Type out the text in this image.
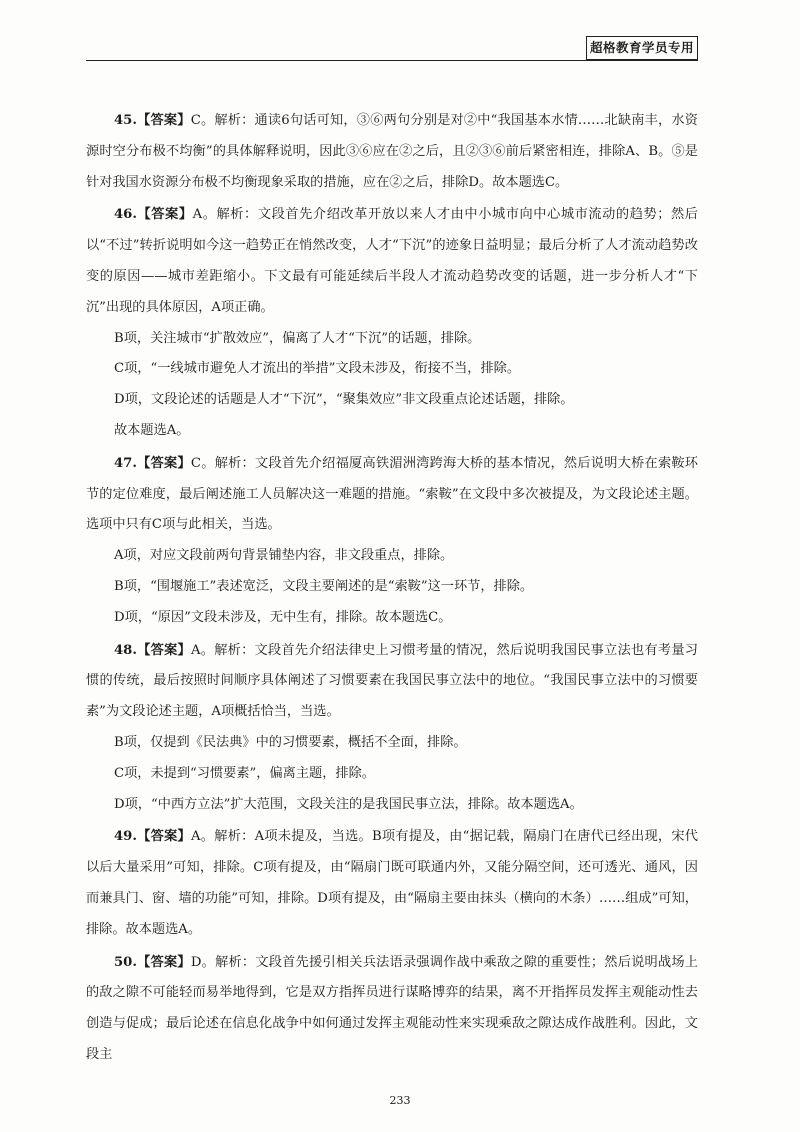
超格教育学员专用

45.【答案】C。解析：通读6句话可知，③⑥两句分别是对②中“我国基本水情……北缺南丰，水资源时空分布极不均衡”的具体解释说明，因此③⑥应在②之后，且②③⑥前后紧密相连，排除A、B。⑤是针对我国水资源分布极不均衡现象采取的措施，应在②之后，排除D。故本题选C。

46.【答案】A。解析：文段首先介绍改革开放以来人才由中小城市向中心城市流动的趋势；然后以“不过”转折说明如今这一趋势正在悄然改变，人才“下沉”的迹象日益明显；最后分析了人才流动趋势改变的原因——城市差距缩小。下文最有可能延续后半段人才流动趋势改变的话题，进一步分析人才“下沉”出现的具体原因，A项正确。

B项，关注城市“扩散效应”，偏离了人才“下沉”的话题，排除。

C项，“一线城市避免人才流出的举措”文段未涉及，衔接不当，排除。

D项，文段论述的话题是人才“下沉”，“聚集效应”非文段重点论述话题，排除。

故本题选A。

47.【答案】C。解析：文段首先介绍福厦高铁湄洲湾跨海大桥的基本情况，然后说明大桥在索鞍环节的定位难度，最后阐述施工人员解决这一难题的措施。“索鞍”在文段中多次被提及，为文段论述主题。选项中只有C项与此相关，当选。

A项，对应文段前两句背景铺垫内容，非文段重点，排除。

B项，“围堰施工”表述宽泛，文段主要阐述的是“索鞍”这一环节，排除。

D项，“原因”文段未涉及，无中生有，排除。故本题选C。

48.【答案】A。解析：文段首先介绍法律史上习惯考量的情况，然后说明我国民事立法也有考量习惯的传统，最后按照时间顺序具体阐述了习惯要素在我国民事立法中的地位。“我国民事立法中的习惯要素”为文段论述主题，A项概括恰当，当选。

B项，仅提到《民法典》中的习惯要素，概括不全面，排除。

C项，未提到“习惯要素”，偏离主题，排除。

D项，“中西方立法”扩大范围，文段关注的是我国民事立法，排除。故本题选A。

49.【答案】A。解析：A项未提及，当选。B项有提及，由“据记载，隔扇门在唐代已经出现，宋代以后大量采用”可知，排除。C项有提及，由“隔扇门既可联通内外，又能分隔空间，还可透光、通风，因而兼具门、窗、墙的功能”可知，排除。D项有提及，由“隔扇主要由抹头（横向的木条）……组成”可知，排除。故本题选A。

50.【答案】D。解析：文段首先援引相关兵法语录强调作战中乘敌之隙的重要性；然后说明战场上的敌之隙不可能轻而易举地得到，它是双方指挥员进行谋略博弈的结果，离不开指挥员发挥主观能动性去创造与促成；最后论述在信息化战争中如何通过发挥主观能动性来实现乘敌之隙达成作战胜利。因此，文段主

233
